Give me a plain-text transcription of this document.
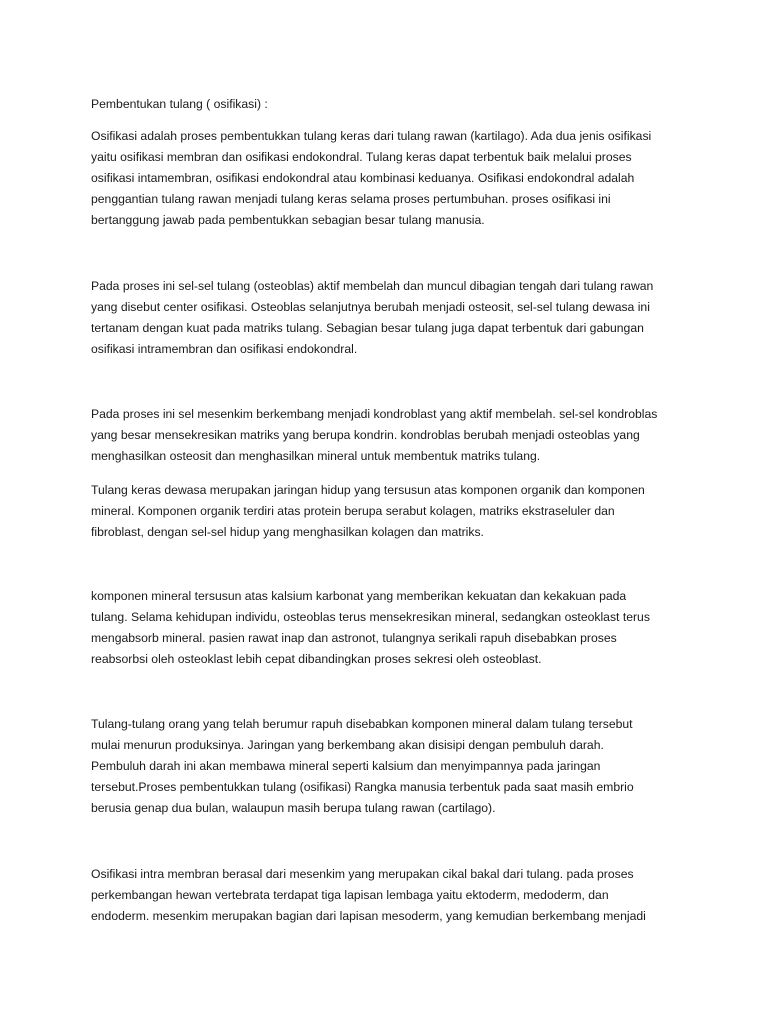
Pembentukan tulang ( osifikasi) :
Osifikasi adalah proses pembentukkan tulang keras dari tulang rawan (kartilago). Ada dua jenis osifikasi
yaitu osifikasi membran dan osifikasi endokondral. Tulang keras dapat terbentuk baik melalui proses
osifikasi intamembran, osifikasi endokondral atau kombinasi keduanya. Osifikasi endokondral adalah
penggantian tulang rawan menjadi tulang keras selama proses pertumbuhan. proses osifikasi ini
bertanggung jawab pada pembentukkan sebagian besar tulang manusia.
Pada proses ini sel-sel tulang (osteoblas) aktif membelah dan muncul dibagian tengah dari tulang rawan
yang disebut center osifikasi. Osteoblas selanjutnya berubah menjadi osteosit, sel-sel tulang dewasa ini
tertanam dengan kuat pada matriks tulang. Sebagian besar tulang juga dapat terbentuk dari gabungan
osifikasi intramembran dan osifikasi endokondral.
Pada proses ini sel mesenkim berkembang menjadi kondroblast yang aktif membelah. sel-sel kondroblas
yang besar mensekresikan matriks yang berupa kondrin. kondroblas berubah menjadi osteoblas yang
menghasilkan osteosit dan menghasilkan mineral untuk membentuk matriks tulang.
Tulang keras dewasa merupakan jaringan hidup yang tersusun atas komponen organik dan komponen
mineral. Komponen organik terdiri atas protein berupa serabut kolagen, matriks ekstraseluler dan
fibroblast, dengan sel-sel hidup yang menghasilkan kolagen dan matriks.
komponen mineral tersusun atas kalsium karbonat yang memberikan kekuatan dan kekakuan pada
tulang. Selama kehidupan individu, osteoblas terus mensekresikan mineral, sedangkan osteoklast terus
mengabsorb mineral. pasien rawat inap dan astronot, tulangnya serikali rapuh disebabkan proses
reabsorbsi oleh osteoklast lebih cepat dibandingkan proses sekresi oleh osteoblast.
Tulang-tulang orang yang telah berumur rapuh disebabkan komponen mineral dalam tulang tersebut
mulai menurun produksinya. Jaringan yang berkembang akan disisipi dengan pembuluh darah.
Pembuluh darah ini akan membawa mineral seperti kalsium dan menyimpannya pada jaringan
tersebut.Proses pembentukkan tulang (osifikasi) Rangka manusia terbentuk pada saat masih embrio
berusia genap dua bulan, walaupun masih berupa tulang rawan (cartilago).
Osifikasi intra membran berasal dari mesenkim yang merupakan cikal bakal dari tulang. pada proses
perkembangan hewan vertebrata terdapat tiga lapisan lembaga yaitu ektoderm, medoderm, dan
endoderm. mesenkim merupakan bagian dari lapisan mesoderm, yang kemudian berkembang menjadi
